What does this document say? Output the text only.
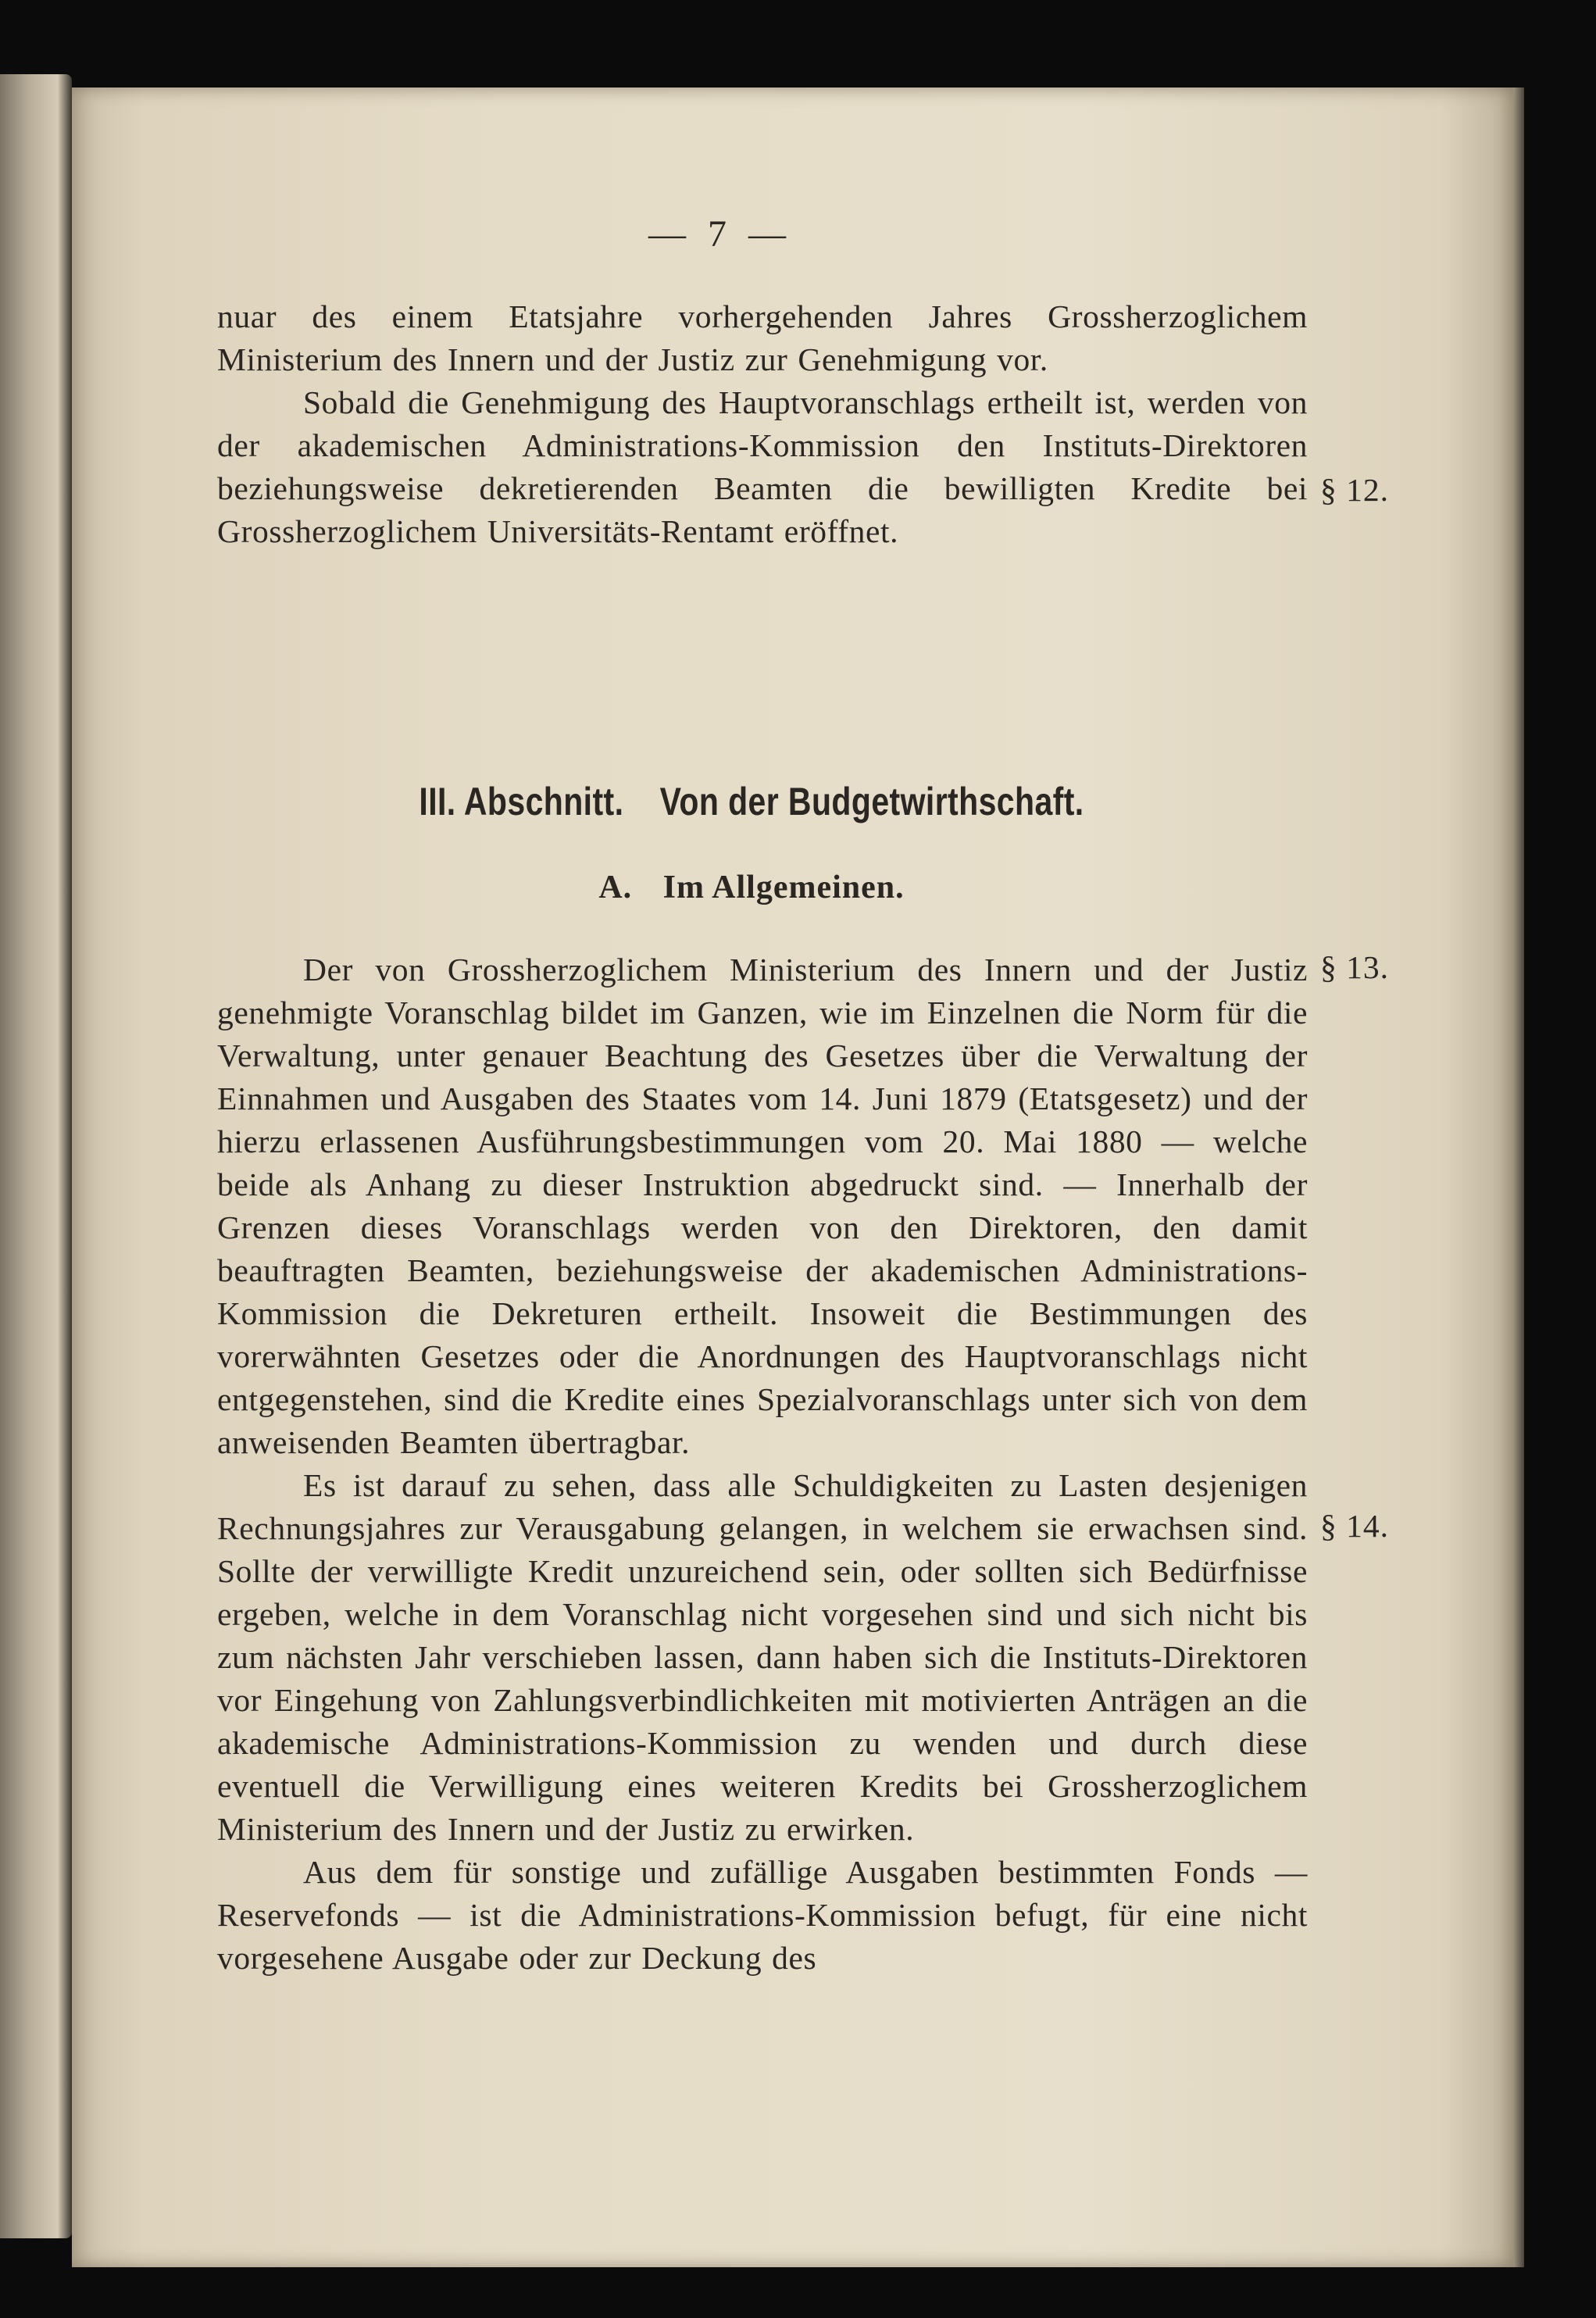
— 7 —

nuar des einem Etatsjahre vorhergehenden Jahres Grossherzoglichem Ministerium des Innern und der Justiz zur Genehmigung vor.

Sobald die Genehmigung des Hauptvoranschlags ertheilt ist, werden von der akademischen Administrations-Kommission den Instituts-Direktoren beziehungsweise dekretierenden Beamten die bewilligten Kredite bei Grossherzoglichem Universitäts-Rentamt eröffnet.

§ 12.
III. Abschnitt. Von der Budgetwirthschaft.
A. Im Allgemeinen.

Der von Grossherzoglichem Ministerium des Innern und der Justiz genehmigte Voranschlag bildet im Ganzen, wie im Einzelnen die Norm für die Verwaltung, unter genauer Beachtung des Gesetzes über die Verwaltung der Einnahmen und Ausgaben des Staates vom 14. Juni 1879 (Etatsgesetz) und der hierzu erlassenen Ausführungsbestimmungen vom 20. Mai 1880 — welche beide als Anhang zu dieser Instruktion abgedruckt sind. — Innerhalb der Grenzen dieses Voranschlags werden von den Direktoren, den damit beauftragten Beamten, beziehungsweise der akademischen Administrations-Kommission die Dekreturen ertheilt. Insoweit die Bestimmungen des vorerwähnten Gesetzes oder die Anordnungen des Hauptvoranschlags nicht entgegenstehen, sind die Kredite eines Spezialvoranschlags unter sich von dem anweisenden Beamten übertragbar.

Es ist darauf zu sehen, dass alle Schuldigkeiten zu Lasten desjenigen Rechnungsjahres zur Verausgabung gelangen, in welchem sie erwachsen sind. Sollte der verwilligte Kredit unzureichend sein, oder sollten sich Bedürfnisse ergeben, welche in dem Voranschlag nicht vorgesehen sind und sich nicht bis zum nächsten Jahr verschieben lassen, dann haben sich die Instituts-Direktoren vor Eingehung von Zahlungsverbindlichkeiten mit motivierten Anträgen an die akademische Administrations-Kommission zu wenden und durch diese eventuell die Verwilligung eines weiteren Kredits bei Grossherzoglichem Ministerium des Innern und der Justiz zu erwirken.

Aus dem für sonstige und zufällige Ausgaben bestimmten Fonds — Reservefonds — ist die Administrations-Kommission befugt, für eine nicht vorgesehene Ausgabe oder zur Deckung des

§ 13.
§ 14.
